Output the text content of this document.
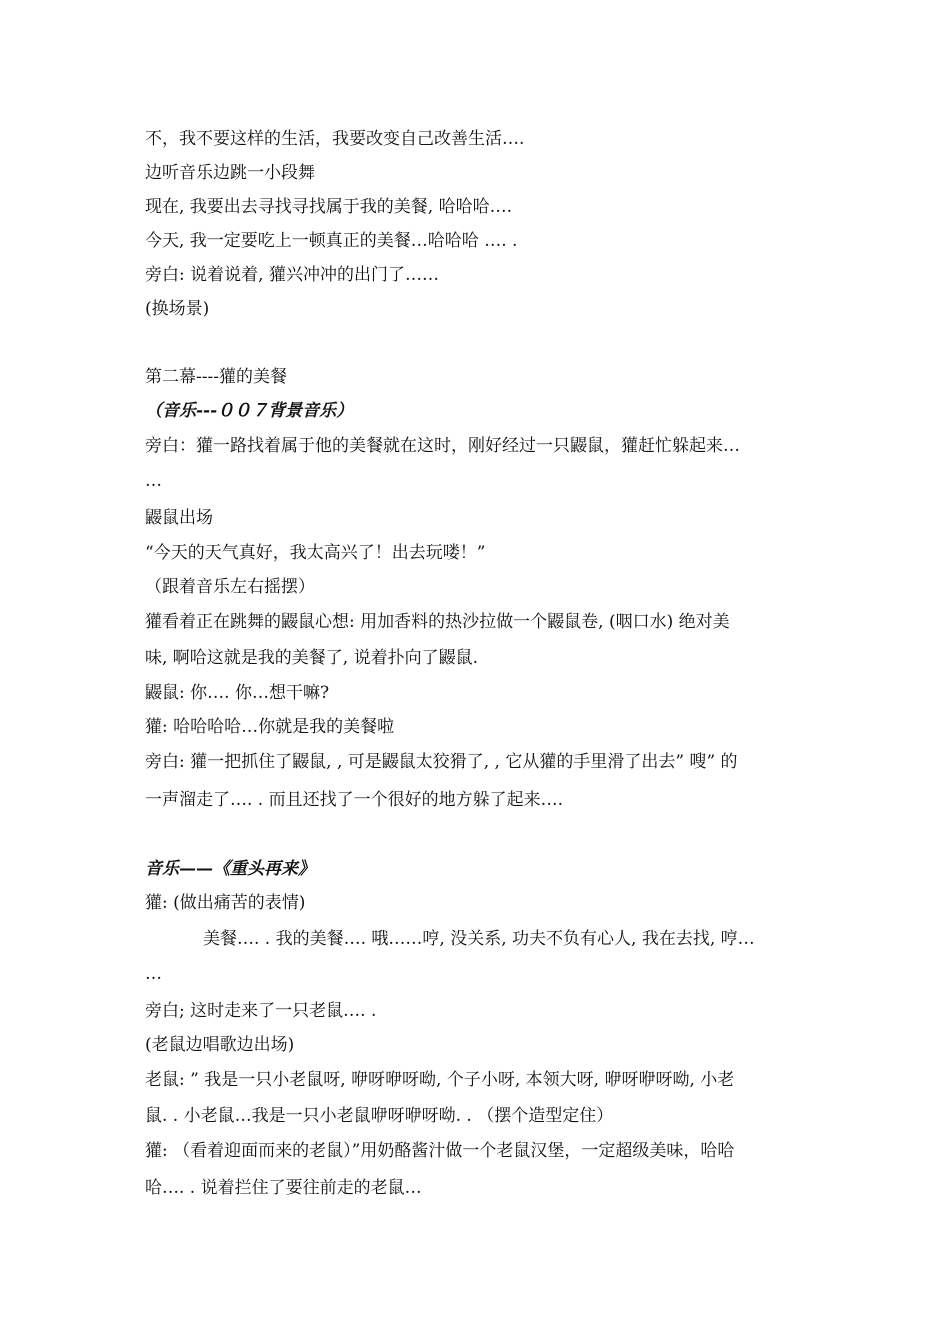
不，我不要这样的生活，我要改变自己改善生活….
边听音乐边跳一小段舞
现在, 我要出去寻找寻找属于我的美餐, 哈哈哈….
今天, 我一定要吃上一顿真正的美餐…哈哈哈 …. .
旁白: 说着说着, 獾兴冲冲的出门了……
(换场景)
第二幕----獾的美餐
（音乐---００７背景音乐）
旁白：獾一路找着属于他的美餐就在这时，刚好经过一只鼹鼠，獾赶忙躲起来…
…
鼹鼠出场
“今天的天气真好，我太高兴了！出去玩喽！”
（跟着音乐左右摇摆）
獾看着正在跳舞的鼹鼠心想: 用加香料的热沙拉做一个鼹鼠卷, (咽口水) 绝对美
味, 啊哈这就是我的美餐了, 说着扑向了鼹鼠.
鼹鼠: 你…. 你…想干嘛?
獾: 哈哈哈哈…你就是我的美餐啦
旁白: 獾一把抓住了鼹鼠, , 可是鼹鼠太狡猾了, , 它从獾的手里滑了出去” 嗖” 的
一声溜走了…. . 而且还找了一个很好的地方躲了起来….
音乐——《重头再来》
獾: (做出痛苦的表情)
美餐…. . 我的美餐…. 哦……哼, 没关系, 功夫不负有心人, 我在去找, 哼…
…
旁白; 这时走来了一只老鼠…. .
(老鼠边唱歌边出场)
老鼠: ” 我是一只小老鼠呀, 咿呀咿呀呦, 个子小呀, 本领大呀, 咿呀咿呀呦, 小老
鼠. . 小老鼠…我是一只小老鼠咿呀咿呀呦. . （摆个造型定住）
獾: （看着迎面而来的老鼠）”用奶酪酱汁做一个老鼠汉堡，一定超级美味，哈哈
哈…. . 说着拦住了要往前走的老鼠…
